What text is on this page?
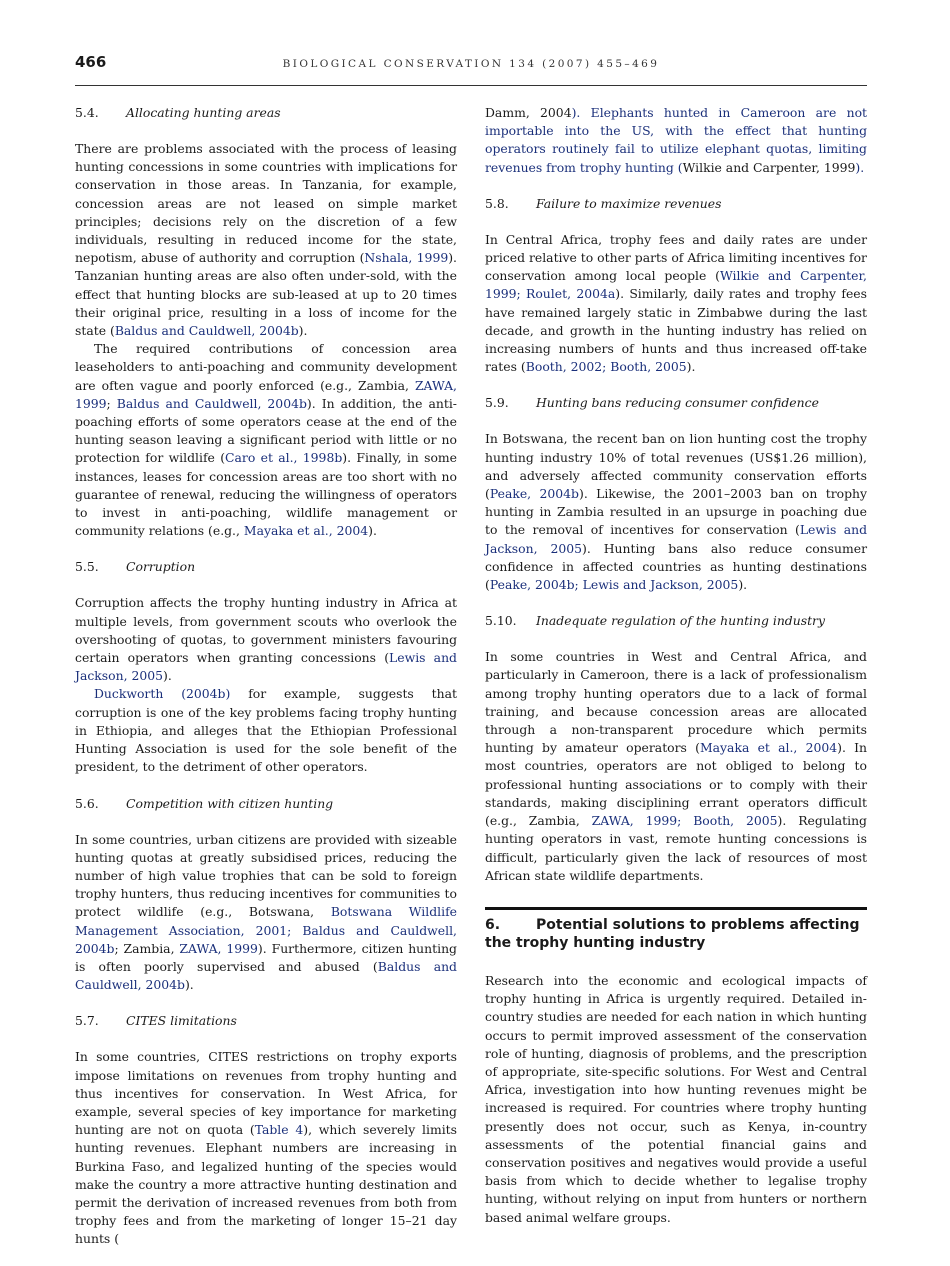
466	BIOLOGICAL CONSERVATION 134 (2007) 455–469
5.4. Allocating hunting areas

There are problems associated with the process of leasing hunting concessions in some countries with implications for conservation in those areas. In Tanzania, for example, concession areas are not leased on simple market principles; decisions rely on the discretion of a few individuals, resulting in reduced income for the state, nepotism, abuse of authority and corruption (Nshala, 1999). Tanzanian hunting areas are also often under-sold, with the effect that hunting blocks are sub-leased at up to 20 times their original price, resulting in a loss of income for the state (Baldus and Cauldwell, 2004b).

The required contributions of concession area leaseholders to anti-poaching and community development are often vague and poorly enforced (e.g., Zambia, ZAWA, 1999; Baldus and Cauldwell, 2004b). In addition, the anti-poaching efforts of some operators cease at the end of the hunting season leaving a significant period with little or no protection for wildlife (Caro et al., 1998b). Finally, in some instances, leases for concession areas are too short with no guarantee of renewal, reducing the willingness of operators to invest in anti-poaching, wildlife management or community relations (e.g., Mayaka et al., 2004).

5.5. Corruption

Corruption affects the trophy hunting industry in Africa at multiple levels, from government scouts who overlook the overshooting of quotas, to government ministers favouring certain operators when granting concessions (Lewis and Jackson, 2005).

Duckworth (2004b) for example, suggests that corruption is one of the key problems facing trophy hunting in Ethiopia, and alleges that the Ethiopian Professional Hunting Association is used for the sole benefit of the president, to the detriment of other operators.

5.6. Competition with citizen hunting

In some countries, urban citizens are provided with sizeable hunting quotas at greatly subsidised prices, reducing the number of high value trophies that can be sold to foreign trophy hunters, thus reducing incentives for communities to protect wildlife (e.g., Botswana, Botswana Wildlife Management Association, 2001; Baldus and Cauldwell, 2004b; Zambia, ZAWA, 1999). Furthermore, citizen hunting is often poorly supervised and abused (Baldus and Cauldwell, 2004b).

5.7. CITES limitations

In some countries, CITES restrictions on trophy exports impose limitations on revenues from trophy hunting and thus incentives for conservation. In West Africa, for example, several species of key importance for marketing hunting are not on quota (Table 4), which severely limits hunting revenues. Elephant numbers are increasing in Burkina Faso, and legalized hunting of the species would make the country a more attractive hunting destination and permit the derivation of increased revenues from both from trophy fees and from the marketing of longer 15–21 day hunts (

Damm, 2004). Elephants hunted in Cameroon are not importable into the US, with the effect that hunting operators routinely fail to utilize elephant quotas, limiting revenues from trophy hunting (Wilkie and Carpenter, 1999).

5.8. Failure to maximize revenues

In Central Africa, trophy fees and daily rates are under priced relative to other parts of Africa limiting incentives for conservation among local people (Wilkie and Carpenter, 1999; Roulet, 2004a). Similarly, daily rates and trophy fees have remained largely static in Zimbabwe during the last decade, and growth in the hunting industry has relied on increasing numbers of hunts and thus increased off-take rates (Booth, 2002; Booth, 2005).

5.9. Hunting bans reducing consumer confidence

In Botswana, the recent ban on lion hunting cost the trophy hunting industry 10% of total revenues (US$1.26 million), and adversely affected community conservation efforts (Peake, 2004b). Likewise, the 2001–2003 ban on trophy hunting in Zambia resulted in an upsurge in poaching due to the removal of incentives for conservation (Lewis and Jackson, 2005). Hunting bans also reduce consumer confidence in affected countries as hunting destinations (Peake, 2004b; Lewis and Jackson, 2005).

5.10. Inadequate regulation of the hunting industry

In some countries in West and Central Africa, and particularly in Cameroon, there is a lack of professionalism among trophy hunting operators due to a lack of formal training, and because concession areas are allocated through a non-transparent procedure which permits hunting by amateur operators (Mayaka et al., 2004). In most countries, operators are not obliged to belong to professional hunting associations or to comply with their standards, making disciplining errant operators difficult (e.g., Zambia, ZAWA, 1999; Booth, 2005). Regulating hunting operators in vast, remote hunting concessions is difficult, particularly given the lack of resources of most African state wildlife departments.

6.	Potential solutions to problems affecting
the trophy hunting industry

Research into the economic and ecological impacts of trophy hunting in Africa is urgently required. Detailed in-country studies are needed for each nation in which hunting occurs to permit improved assessment of the conservation role of hunting, diagnosis of problems, and the prescription of appropriate, site-specific solutions. For West and Central Africa, investigation into how hunting revenues might be increased is required. For countries where trophy hunting presently does not occur, such as Kenya, in-country assessments of the potential financial gains and conservation positives and negatives would provide a useful basis from which to decide whether to legalise trophy hunting, without relying on input from hunters or northern based animal welfare groups.
